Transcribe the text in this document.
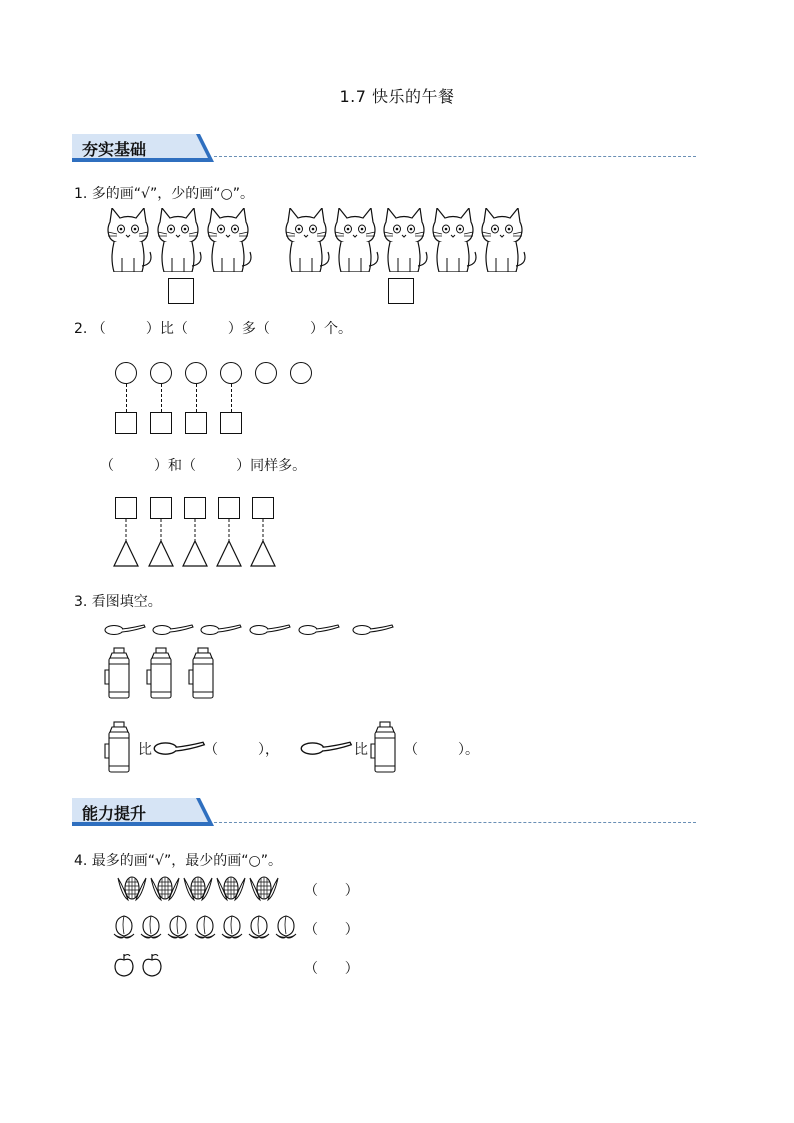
1.7 快乐的午餐
夯实基础
1. 多的画“√”，少的画“○”。
2. （         ）比（         ）多（         ）个。
（         ）和（         ）同样多。
3. 看图填空。
比	（         ），	比	（         ）。
能力提升
4. 最多的画“√”，最少的画“○”。
（      ）
（      ）
（      ）
